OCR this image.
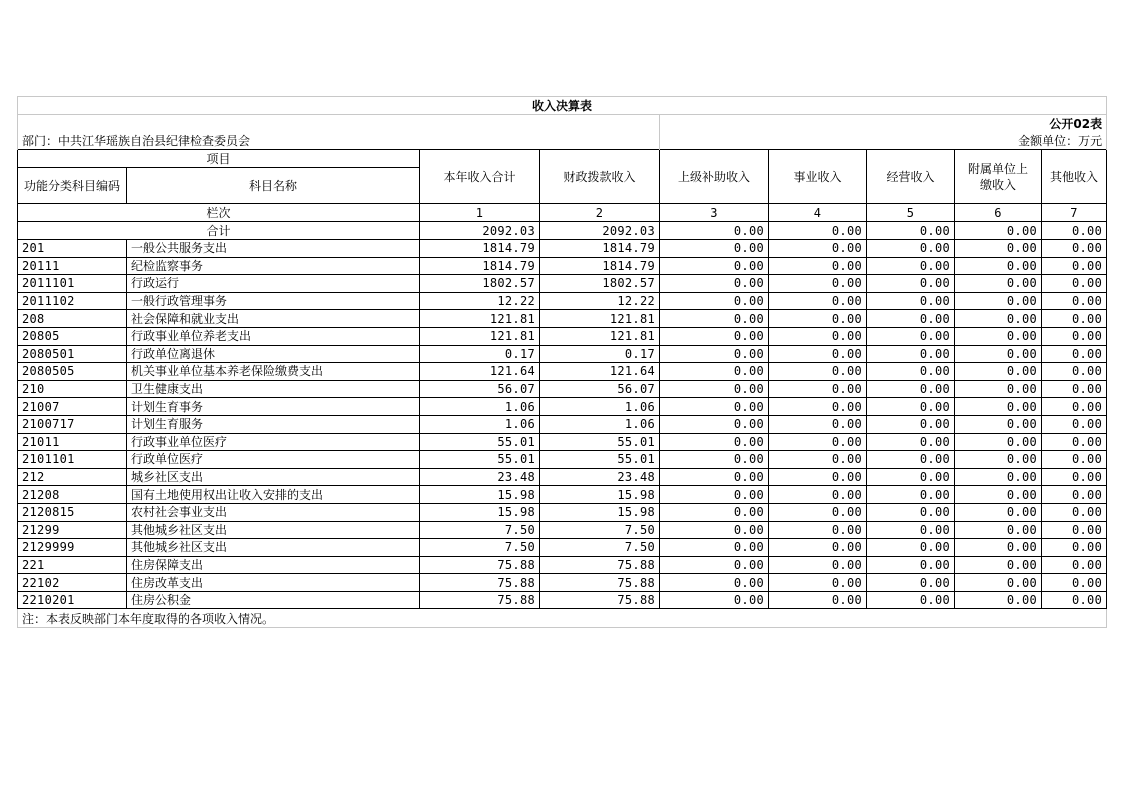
收入决算表								
				公开02表				
部门：中共江华瑶族自治县纪律检查委员会				金额单位：万元				
项目		本年收入合计	财政拨款收入	上级补助收入	事业收入	经营收入	附属单位上缴收入	其他收入
功能分类科目编码	科目名称							
栏次		1	2	3	4	5	6	7
合计		2092.03	2092.03	0.00	0.00	0.00	0.00	0.00
201	一般公共服务支出	1814.79	1814.79	0.00	0.00	0.00	0.00	0.00
20111	纪检监察事务	1814.79	1814.79	0.00	0.00	0.00	0.00	0.00
2011101	行政运行	1802.57	1802.57	0.00	0.00	0.00	0.00	0.00
2011102	一般行政管理事务	12.22	12.22	0.00	0.00	0.00	0.00	0.00
208	社会保障和就业支出	121.81	121.81	0.00	0.00	0.00	0.00	0.00
20805	行政事业单位养老支出	121.81	121.81	0.00	0.00	0.00	0.00	0.00
2080501	行政单位离退休	0.17	0.17	0.00	0.00	0.00	0.00	0.00
2080505	机关事业单位基本养老保险缴费支出	121.64	121.64	0.00	0.00	0.00	0.00	0.00
210	卫生健康支出	56.07	56.07	0.00	0.00	0.00	0.00	0.00
21007	计划生育事务	1.06	1.06	0.00	0.00	0.00	0.00	0.00
2100717	计划生育服务	1.06	1.06	0.00	0.00	0.00	0.00	0.00
21011	行政事业单位医疗	55.01	55.01	0.00	0.00	0.00	0.00	0.00
2101101	行政单位医疗	55.01	55.01	0.00	0.00	0.00	0.00	0.00
212	城乡社区支出	23.48	23.48	0.00	0.00	0.00	0.00	0.00
21208	国有土地使用权出让收入安排的支出	15.98	15.98	0.00	0.00	0.00	0.00	0.00
2120815	农村社会事业支出	15.98	15.98	0.00	0.00	0.00	0.00	0.00
21299	其他城乡社区支出	7.50	7.50	0.00	0.00	0.00	0.00	0.00
2129999	其他城乡社区支出	7.50	7.50	0.00	0.00	0.00	0.00	0.00
221	住房保障支出	75.88	75.88	0.00	0.00	0.00	0.00	0.00
22102	住房改革支出	75.88	75.88	0.00	0.00	0.00	0.00	0.00
2210201	住房公积金	75.88	75.88	0.00	0.00	0.00	0.00	0.00
注：本表反映部门本年度取得的各项收入情况。								
